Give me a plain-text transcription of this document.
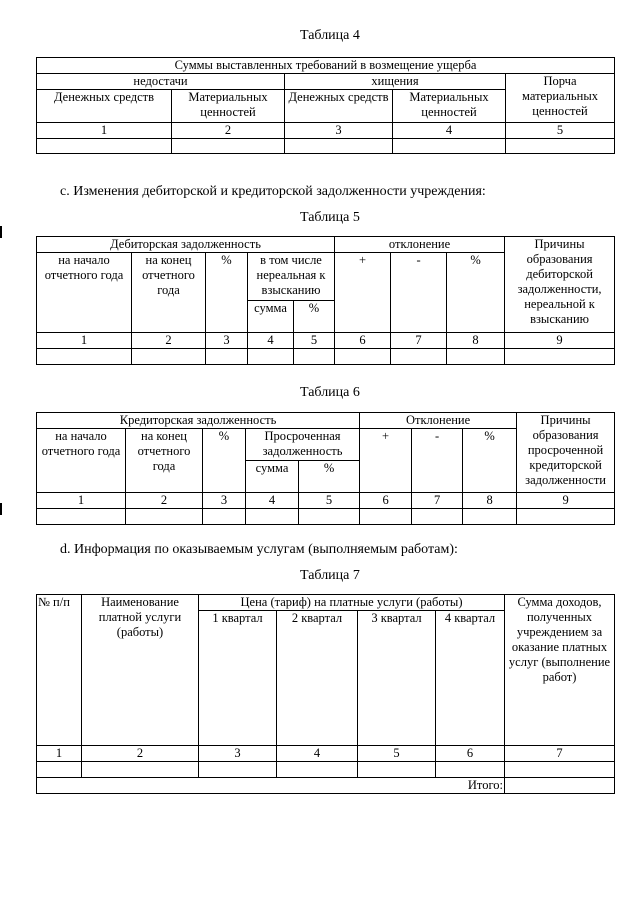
Таблица 4
Суммы выставленных требований в возмещение ущерба				
недостачи		хищения		Порча материальных ценностей
Денежных средств	Материальных ценностей	Денежных средств	Материальных ценностей	
1	2	3	4	5

с. Изменения дебиторской и кредиторской задолженности учреждения:
Таблица 5
Дебиторская задолженность					отклонение			Причины образования дебиторской задолженности, нереальной к взысканию
на начало отчетного года	на конец отчетного года	%	в том числе нереальная к взысканию		+	-	%	
			сумма	%				
1	2	3	4	5	6	7	8	9

Таблица 6
Кредиторская задолженность					Отклонение			Причины образования просроченной кредиторской задолженности
на начало отчетного года	на конец отчетного года	%	Просроченная задолженность		+	-	%	
			сумма	%				
1	2	3	4	5	6	7	8	9

d. Информация по оказываемым услугам (выполняемым работам):
Таблица 7
№ п/п	Наименование платной услуги (работы)	Цена (тариф) на платные услуги (работы)				Сумма доходов, полученных учреждением за оказание платных услуг (выполнение работ)
		1 квартал	2 квартал	3 квартал	4 квартал	
1	2	3	4	5	6	7

Итого:						
